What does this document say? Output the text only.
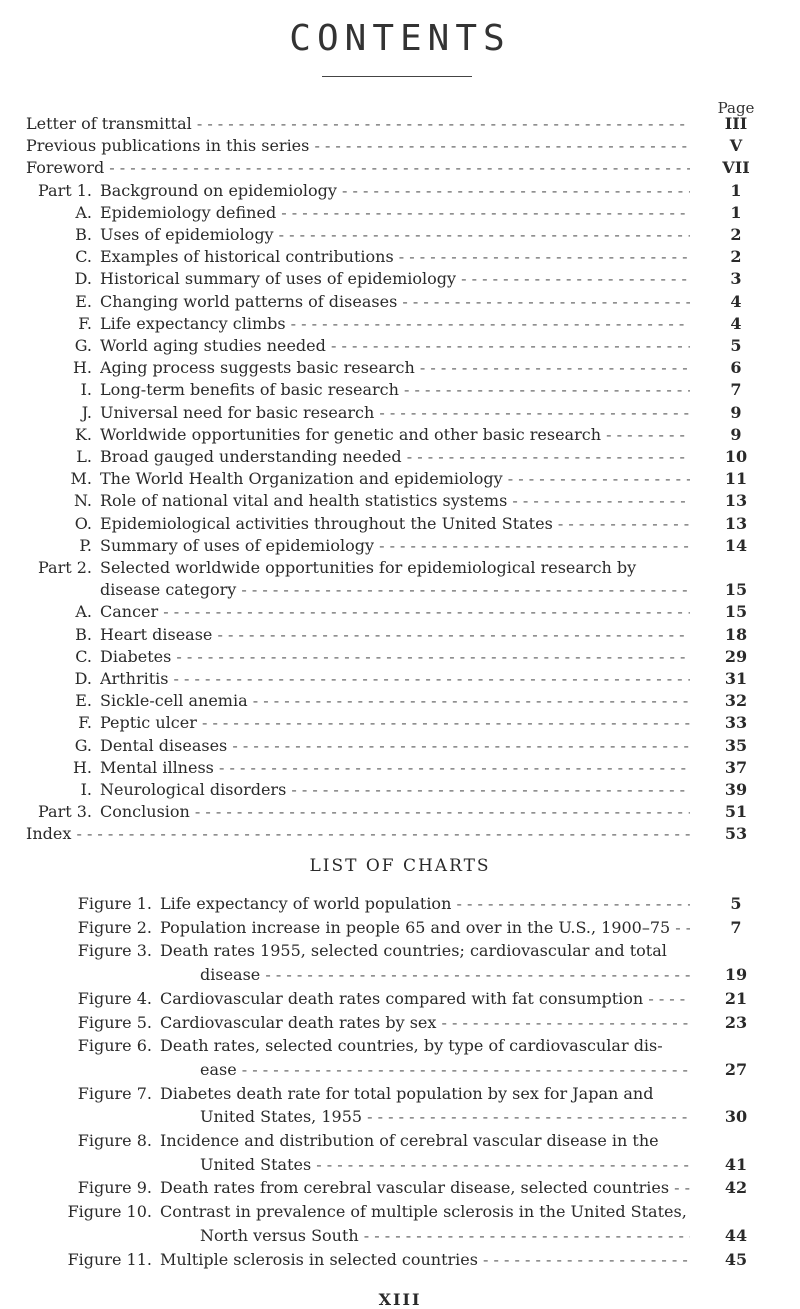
CONTENTS
Page
Letter of transmittal - - -	III
Previous publications in this series - - -	V
Foreword - - -	VII
Part 1. Background on epidemiology - - -	1
A. Epidemiology defined - - -	1
B. Uses of epidemiology - - -	2
C. Examples of historical contributions - - -	2
D. Historical summary of uses of epidemiology - - -	3
E. Changing world patterns of diseases - - -	4
F. Life expectancy climbs - - -	4
G. World aging studies needed - - -	5
H. Aging process suggests basic research - - -	6
I. Long-term benefits of basic research - - -	7
J. Universal need for basic research - - -	9
K. Worldwide opportunities for genetic and other basic research - - -	9
L. Broad gauged understanding needed - - -	10
M. The World Health Organization and epidemiology - - -	11
N. Role of national vital and health statistics systems - - -	13
O. Epidemiological activities throughout the United States - - -	13
P. Summary of uses of epidemiology - - -	14
Part 2. Selected worldwide opportunities for epidemiological research by
disease category - - -	15
A. Cancer - - -	15
B. Heart disease - - -	18
C. Diabetes - - -	29
D. Arthritis - - -	31
E. Sickle-cell anemia - - -	32
F. Peptic ulcer - - -	33
G. Dental diseases - - -	35
H. Mental illness - - -	37
I. Neurological disorders - - -	39
Part 3. Conclusion - - -	51
Index - - -	53
LIST OF CHARTS
Figure 1. Life expectancy of world population - - -	5
Figure 2. Population increase in people 65 and over in the U.S., 1900–75 - - -	7
Figure 3. Death rates 1955, selected countries; cardiovascular and total
disease - - -	19
Figure 4. Cardiovascular death rates compared with fat consumption - - -	21
Figure 5. Cardiovascular death rates by sex - - -	23
Figure 6. Death rates, selected countries, by type of cardiovascular dis-
ease - - -	27
Figure 7. Diabetes death rate for total population by sex for Japan and
United States, 1955 - - -	30
Figure 8. Incidence and distribution of cerebral vascular disease in the
United States - - -	41
Figure 9. Death rates from cerebral vascular disease, selected countries - - -	42
Figure 10. Contrast in prevalence of multiple sclerosis in the United States,
North versus South - - -	44
Figure 11. Multiple sclerosis in selected countries - - -	45
XIII
